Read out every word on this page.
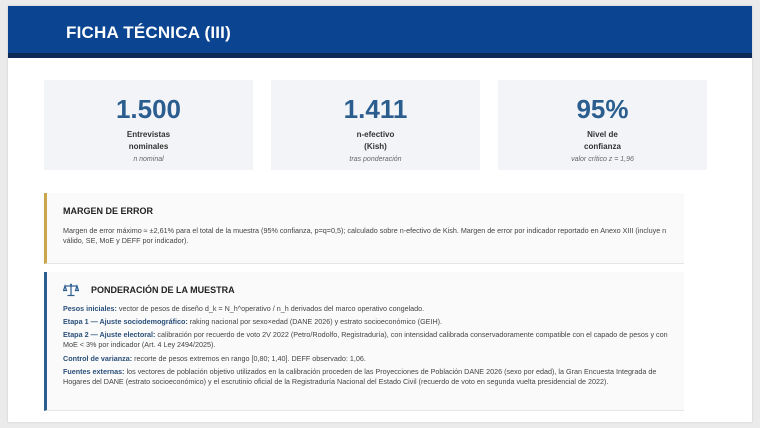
FICHA TÉCNICA (III)
1.500
Entrevistas
nominales
n nominal
1.411
n-efectivo
(Kish)
tras ponderación
95%
Nivel de
confianza
valor crítico z = 1,96
MARGEN DE ERROR
Margen de error máximo ≈ ±2,61% para el total de la muestra (95% confianza, p=q=0,5); calculado sobre n-efectivo de Kish. Margen de error por indicador reportado en Anexo XIII (incluye n válido, SE, MoE y DEFF por indicador).
PONDERACIÓN DE LA MUESTRA
Pesos iniciales: vector de pesos de diseño d_k = N_h^operativo / n_h derivados del marco operativo congelado.
Etapa 1 — Ajuste sociodemográfico: raking nacional por sexo×edad (DANE 2026) y estrato socioeconómico (GEIH).
Etapa 2 — Ajuste electoral: calibración por recuerdo de voto 2V 2022 (Petro/Rodolfo, Registraduría), con intensidad calibrada conservadoramente compatible con el capado de pesos y con MoE < 3% por indicador (Art. 4 Ley 2494/2025).
Control de varianza: recorte de pesos extremos en rango [0,80; 1,40]. DEFF observado: 1,06.
Fuentes externas: los vectores de población objetivo utilizados en la calibración proceden de las Proyecciones de Población DANE 2026 (sexo por edad), la Gran Encuesta Integrada de Hogares del DANE (estrato socioeconómico) y el escrutinio oficial de la Registraduría Nacional del Estado Civil (recuerdo de voto en segunda vuelta presidencial de 2022).
